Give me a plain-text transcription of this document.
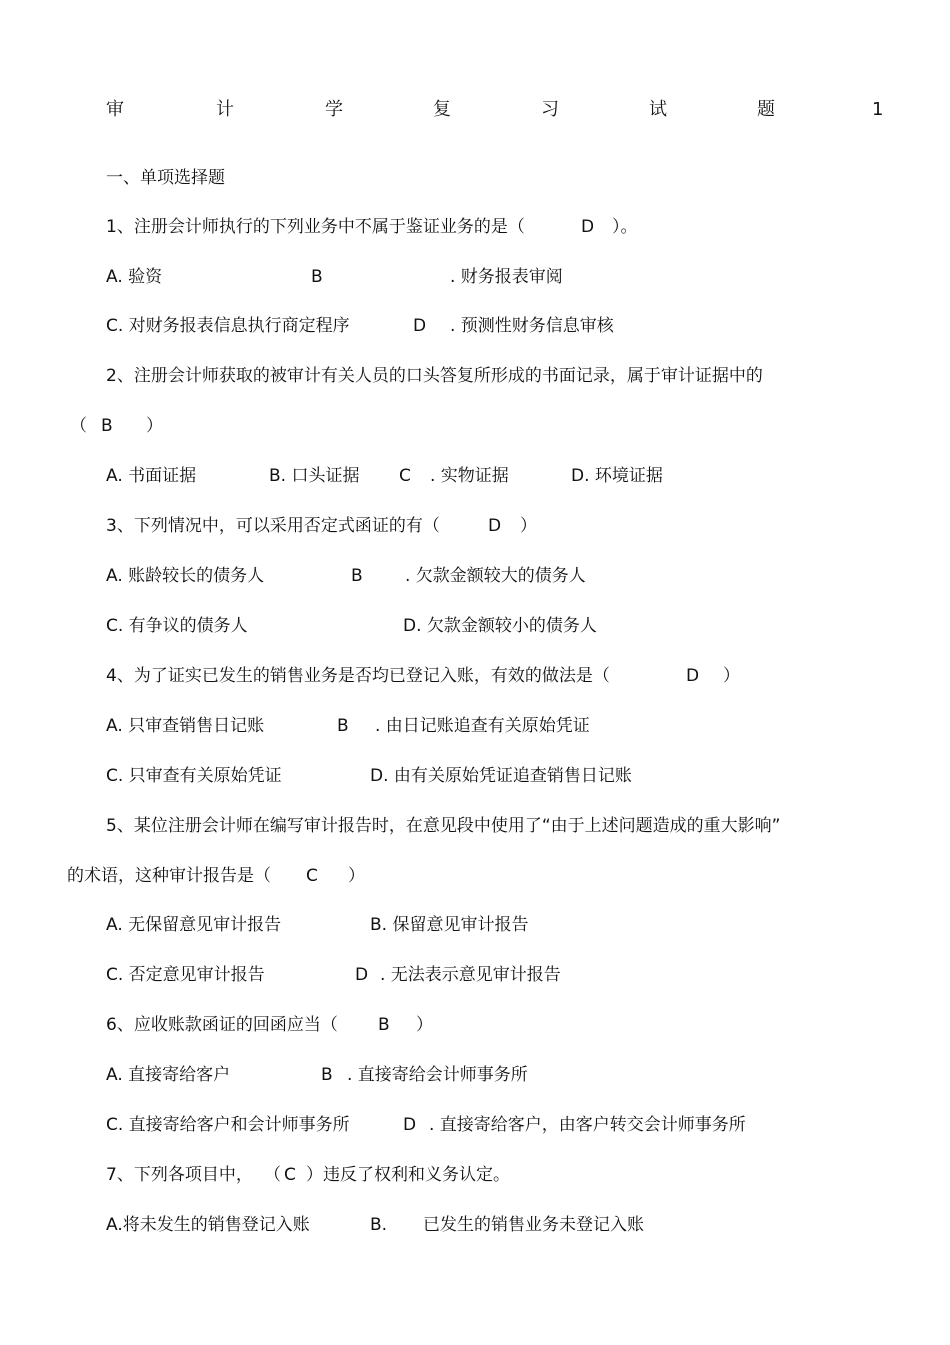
审	计	学	复	习	试	题	1
一、单项选择题
1、注册会计师执行的下列业务中不属于鉴证业务的是（	D ）。
A. 验资	B	. 财务报表审阅
C. 对财务报表信息执行商定程序	D . 预测性财务信息审核
2、注册会计师获取的被审计有关人员的口头答复所形成的书面记录，属于审计证据中的
（ B ）
A. 书面证据	B. 口头证据 C . 实物证据	D. 环境证据
3、下列情况中，可以采用否定式函证的有（	D ）
A. 账龄较长的债务人	B . 欠款金额较大的债务人
C. 有争议的债务人	D. 欠款金额较小的债务人
4、为了证实已发生的销售业务是否均已登记入账，有效的做法是（	D ）
A. 只审查销售日记账	B . 由日记账追查有关原始凭证
C. 只审查有关原始凭证	D. 由有关原始凭证追查销售日记账
5、某位注册会计师在编写审计报告时，在意见段中使用了“由于上述问题造成的重大影响”
的术语，这种审计报告是（ C ）
A. 无保留意见审计报告	B. 保留意见审计报告
C. 否定意见审计报告	D . 无法表示意见审计报告
6、应收账款函证的回函应当（ B ）
A. 直接寄给客户	B . 直接寄给会计师事务所
C. 直接寄给客户和会计师事务所	D . 直接寄给客户，由客户转交会计师事务所
7、下列各项目中， （ C ）违反了权利和义务认定。
A.将未发生的销售登记入账	B. 已发生的销售业务未登记入账
